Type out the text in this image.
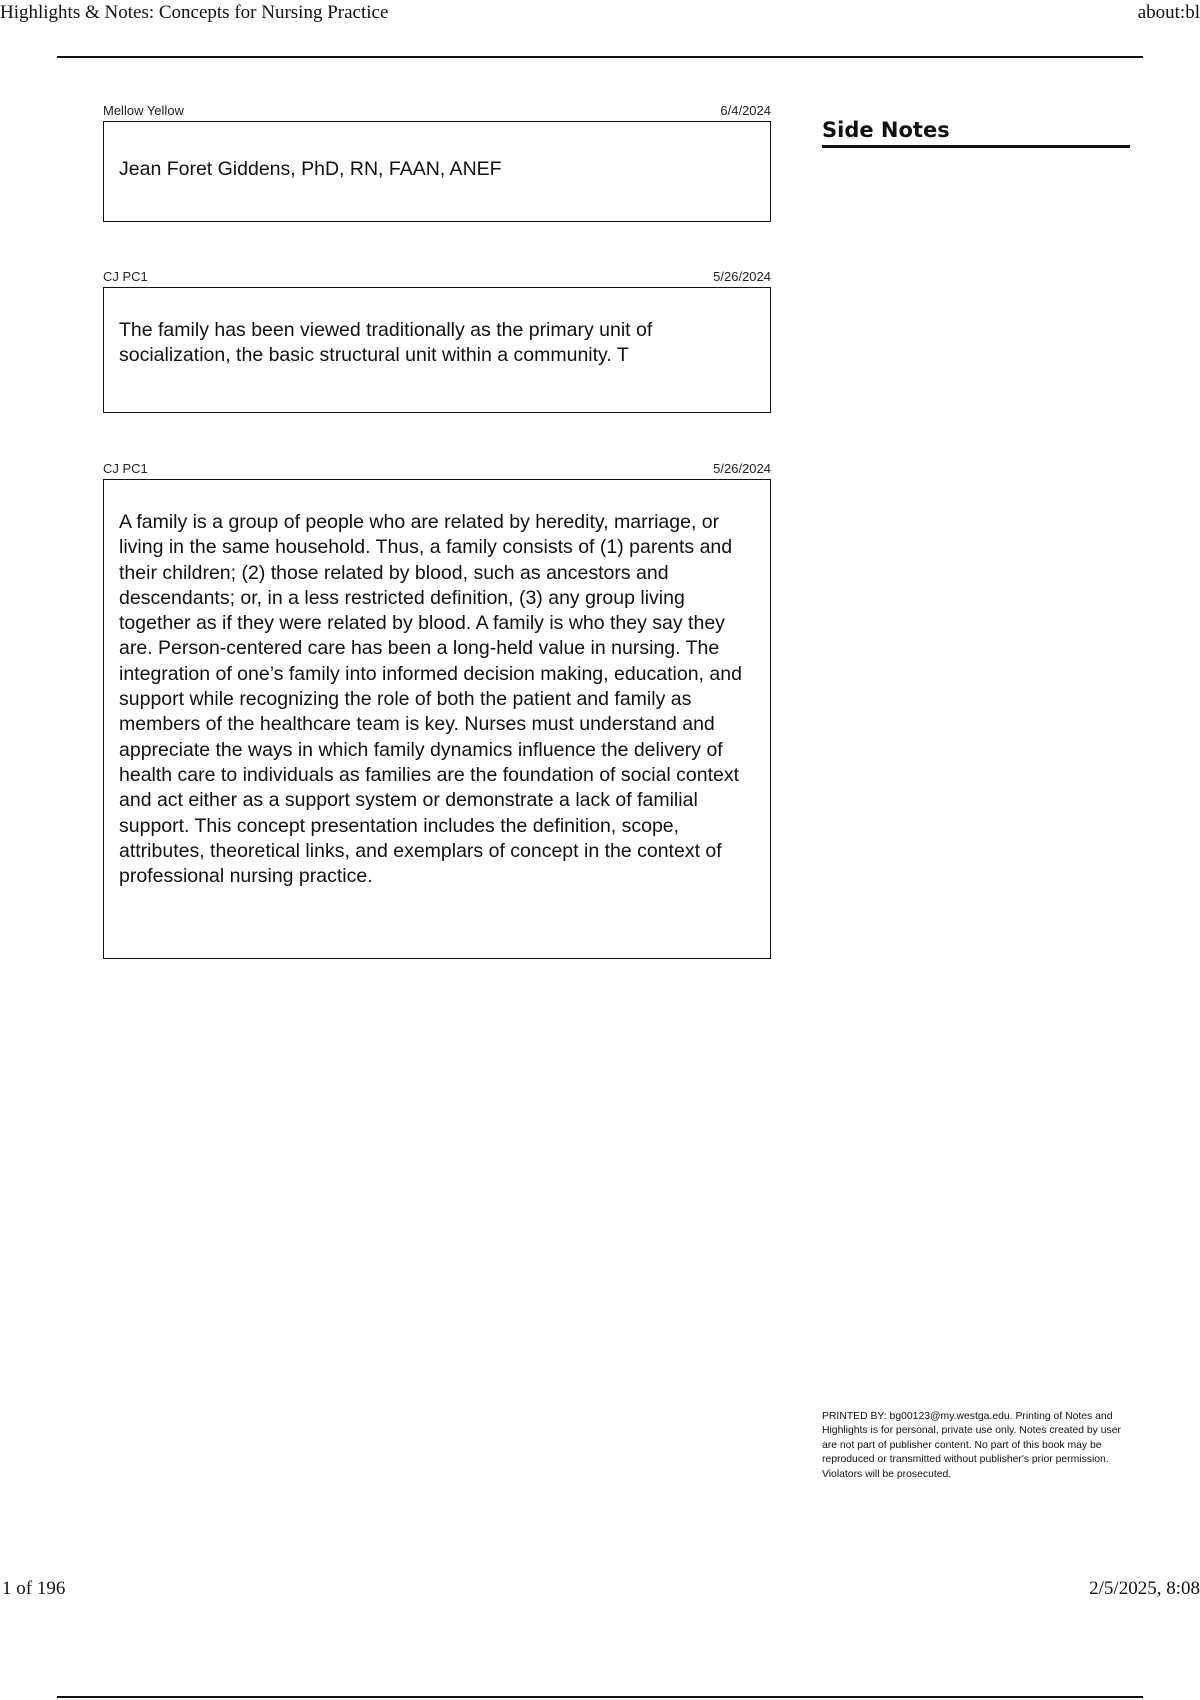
Highlights & Notes: Concepts for Nursing Practice	about:bl
Mellow Yellow	6/4/2024
Jean Foret Giddens, PhD, RN, FAAN, ANEF
CJ PC1	5/26/2024
The family has been viewed traditionally as the primary unit of socialization, the basic structural unit within a community. T
CJ PC1	5/26/2024
A family is a group of people who are related by heredity, marriage, or living in the same household. Thus, a family consists of (1) parents and their children; (2) those related by blood, such as ancestors and descendants; or, in a less restricted definition, (3) any group living together as if they were related by blood. A family is who they say they are. Person-centered care has been a long-held value in nursing. The integration of one’s family into informed decision making, education, and support while recognizing the role of both the patient and family as members of the healthcare team is key. Nurses must understand and appreciate the ways in which family dynamics influence the delivery of health care to individuals as families are the foundation of social context and act either as a support system or demonstrate a lack of familial support. This concept presentation includes the definition, scope, attributes, theoretical links, and exemplars of concept in the context of professional nursing practice.
Side Notes
PRINTED BY: bg00123@my.westga.edu. Printing of Notes and Highlights is for personal, private use only. Notes created by user are not part of publisher content. No part of this book may be reproduced or transmitted without publisher's prior permission. Violators will be prosecuted.
1 of 196	2/5/2025, 8:08
